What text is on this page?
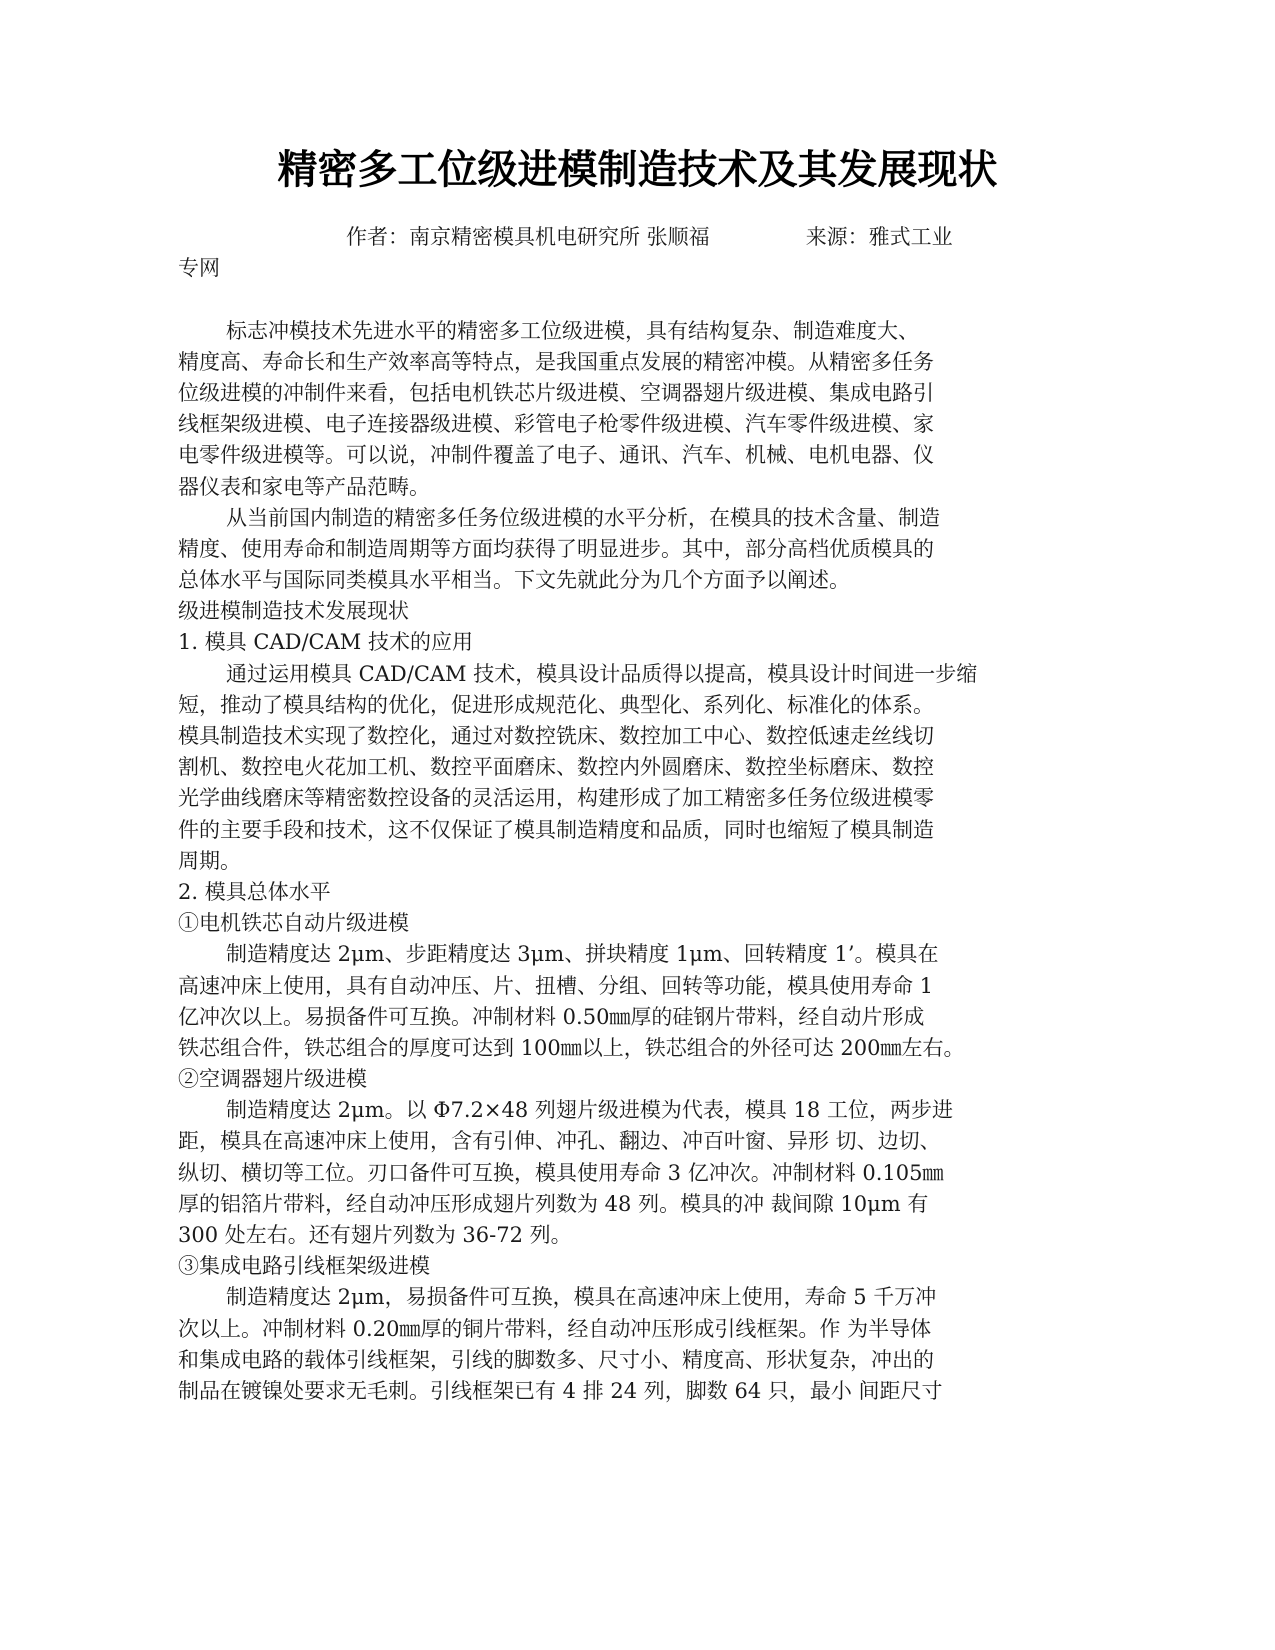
精密多工位级进模制造技术及其发展现状
作者：南京精密模具机电研究所 张顺福	来源：雅式工业
专网
标志冲模技术先进水平的精密多工位级进模，具有结构复杂、制造难度大、
精度高、寿命长和生产效率高等特点，是我国重点发展的精密冲模。从精密多任务
位级进模的冲制件来看，包括电机铁芯片级进模、空调器翅片级进模、集成电路引
线框架级进模、电子连接器级进模、彩管电子枪零件级进模、汽车零件级进模、家
电零件级进模等。可以说，冲制件覆盖了电子、通讯、汽车、机械、电机电器、仪
器仪表和家电等产品范畴。
从当前国内制造的精密多任务位级进模的水平分析，在模具的技术含量、制造
精度、使用寿命和制造周期等方面均获得了明显进步。其中，部分高档优质模具的
总体水平与国际同类模具水平相当。下文先就此分为几个方面予以阐述。
级进模制造技术发展现状
1. 模具 CAD/CAM 技术的应用
通过运用模具 CAD/CAM 技术，模具设计品质得以提高，模具设计时间进一步缩
短，推动了模具结构的优化，促进形成规范化、典型化、系列化、标准化的体系。
模具制造技术实现了数控化，通过对数控铣床、数控加工中心、数控低速走丝线切
割机、数控电火花加工机、数控平面磨床、数控内外圆磨床、数控坐标磨床、数控
光学曲线磨床等精密数控设备的灵活运用，构建形成了加工精密多任务位级进模零
件的主要手段和技术，这不仅保证了模具制造精度和品质，同时也缩短了模具制造
周期。
2. 模具总体水平
①电机铁芯自动片级进模
制造精度达 2μm、步距精度达 3μm、拼块精度 1μm、回转精度 1’。模具在
高速冲床上使用，具有自动冲压、片、扭槽、分组、回转等功能，模具使用寿命 1
亿冲次以上。易损备件可互换。冲制材料 0.50㎜厚的硅钢片带料，经自动片形成
铁芯组合件，铁芯组合的厚度可达到 100㎜以上，铁芯组合的外径可达 200㎜左右。
②空调器翅片级进模
制造精度达 2μm。以 Φ7.2×48 列翅片级进模为代表，模具 18 工位，两步进
距，模具在高速冲床上使用，含有引伸、冲孔、翻边、冲百叶窗、异形 切、边切、
纵切、横切等工位。刃口备件可互换，模具使用寿命 3 亿冲次。冲制材料 0.105㎜
厚的铝箔片带料，经自动冲压形成翅片列数为 48 列。模具的冲 裁间隙 10μm 有
300 处左右。还有翅片列数为 36-72 列。
③集成电路引线框架级进模
制造精度达 2μm，易损备件可互换，模具在高速冲床上使用，寿命 5 千万冲
次以上。冲制材料 0.20㎜厚的铜片带料，经自动冲压形成引线框架。作 为半导体
和集成电路的载体引线框架，引线的脚数多、尺寸小、精度高、形状复杂，冲出的
制品在镀镍处要求无毛刺。引线框架已有 4 排 24 列，脚数 64 只，最小 间距尺寸
